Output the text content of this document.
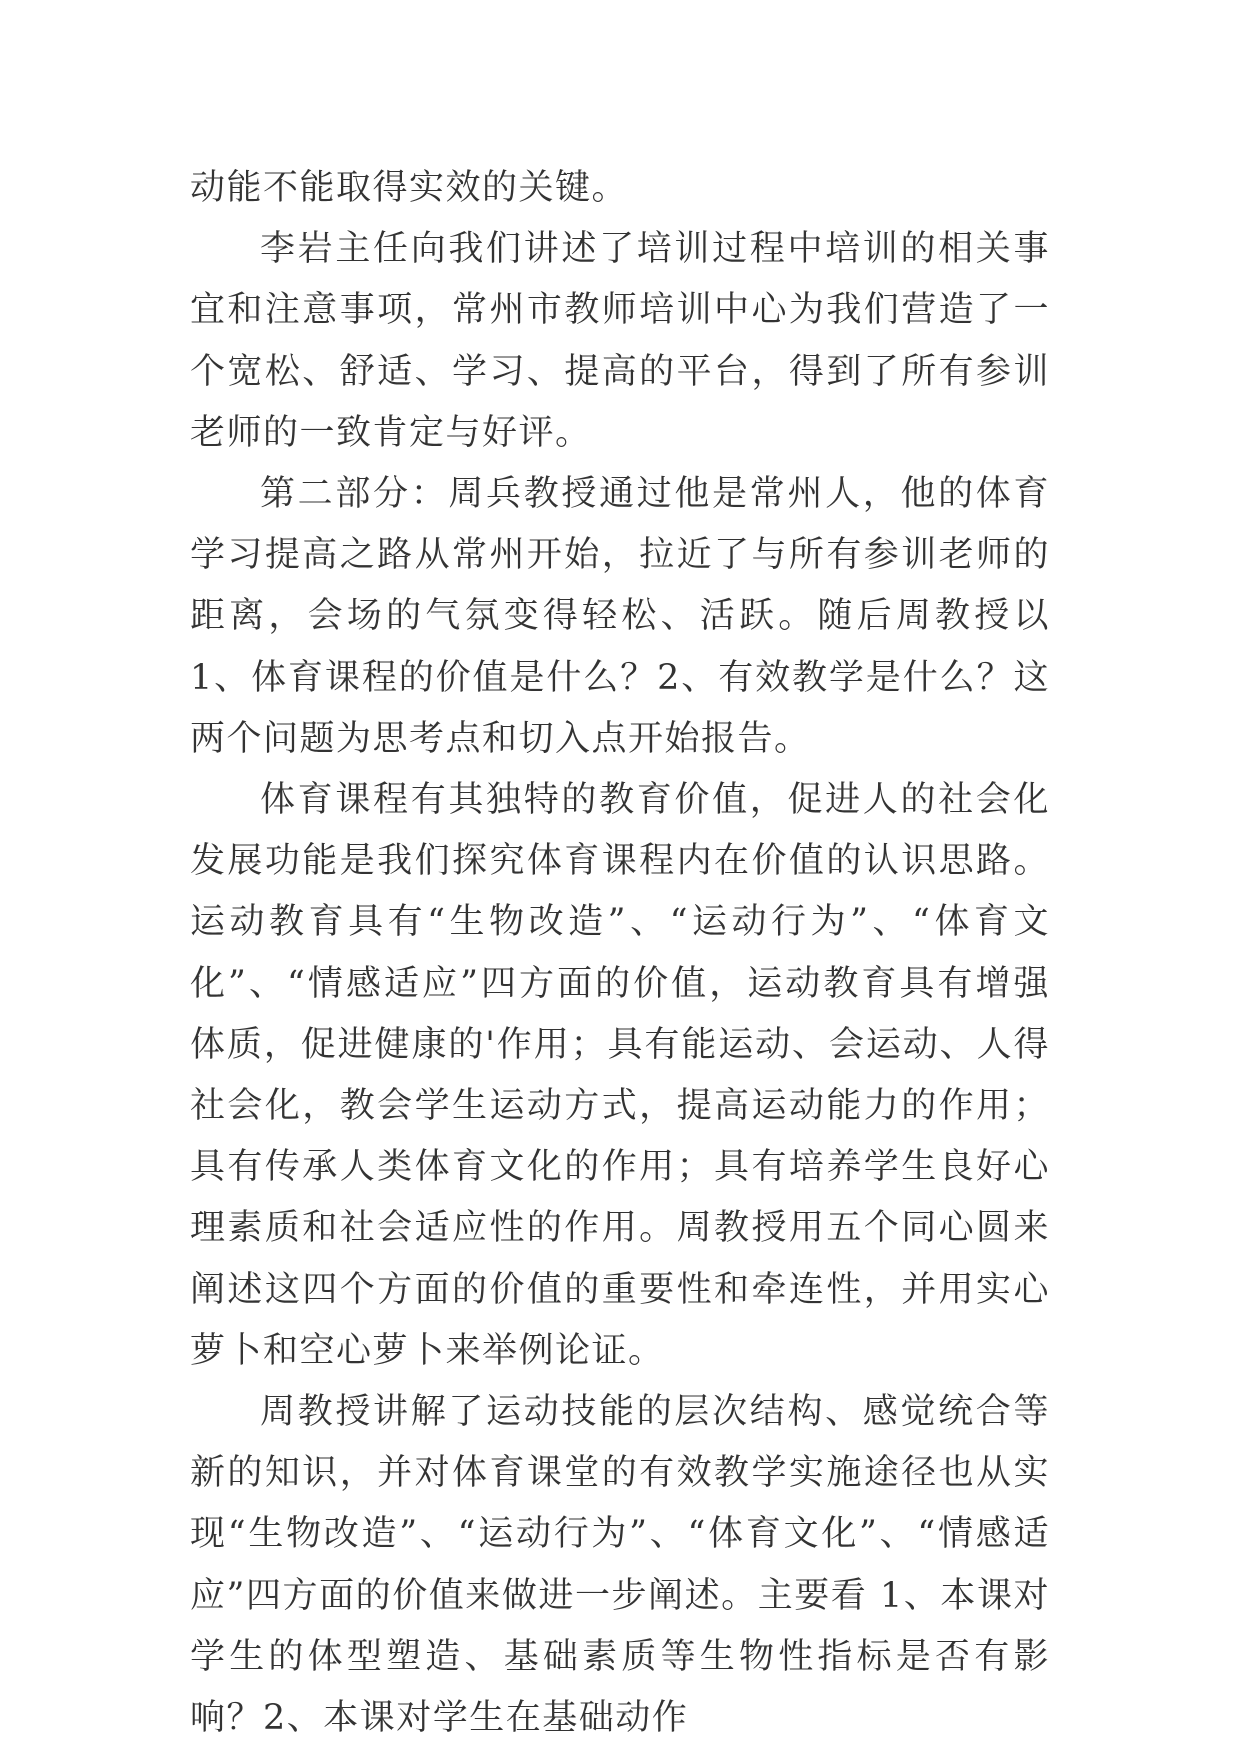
动能不能取得实效的关键。

李岩主任向我们讲述了培训过程中培训的相关事宜和注意事项，常州市教师培训中心为我们营造了一个宽松、舒适、学习、提高的平台，得到了所有参训老师的一致肯定与好评。

第二部分：周兵教授通过他是常州人，他的体育学习提高之路从常州开始，拉近了与所有参训老师的距离，会场的气氛变得轻松、活跃。随后周教授以 1、体育课程的价值是什么？2、有效教学是什么？这两个问题为思考点和切入点开始报告。

体育课程有其独特的教育价值，促进人的社会化发展功能是我们探究体育课程内在价值的认识思路。运动教育具有“生物改造”、“运动行为”、“体育文化”、“情感适应”四方面的价值，运动教育具有增强体质，促进健康的'作用；具有能运动、会运动、人得社会化，教会学生运动方式，提高运动能力的作用；具有传承人类体育文化的作用；具有培养学生良好心理素质和社会适应性的作用。周教授用五个同心圆来阐述这四个方面的价值的重要性和牵连性，并用实心萝卜和空心萝卜来举例论证。

周教授讲解了运动技能的层次结构、感觉统合等新的知识，并对体育课堂的有效教学实施途径也从实现“生物改造”、“运动行为”、“体育文化”、“情感适应”四方面的价值来做进一步阐述。主要看 1、本课对学生的体型塑造、基础素质等生物性指标是否有影响？2、本课对学生在基础动作
